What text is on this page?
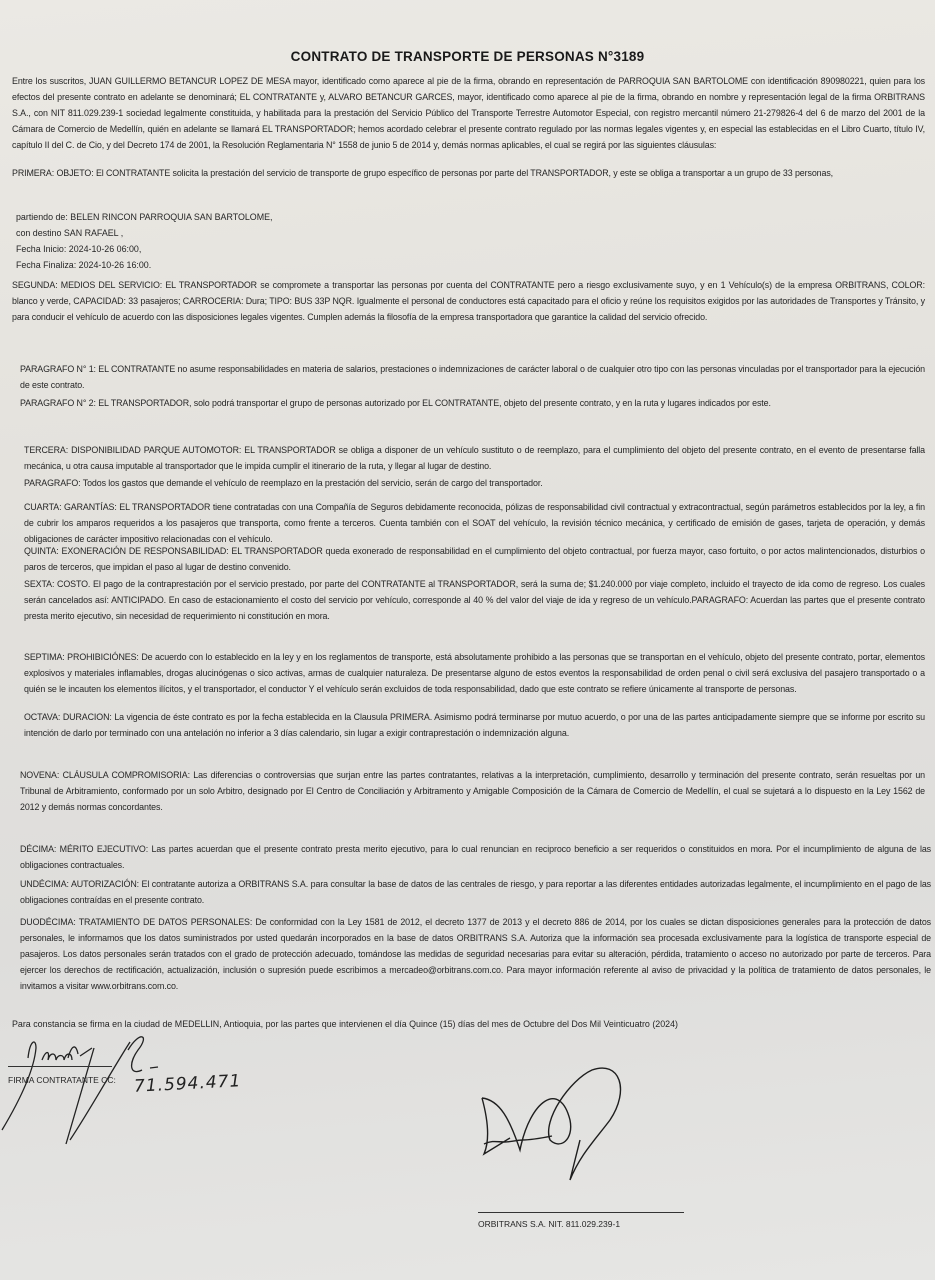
CONTRATO DE TRANSPORTE DE PERSONAS N°3189
Entre los suscritos, JUAN GUILLERMO BETANCUR LOPEZ DE MESA mayor, identificado como aparece al pie de la firma, obrando en representación de PARROQUIA SAN BARTOLOME con identificación 890980221, quien para los efectos del presente contrato en adelante se denominará; EL CONTRATANTE y, ALVARO BETANCUR GARCES, mayor, identificado como aparece al pie de la firma, obrando en nombre y representación legal de la firma ORBITRANS S.A., con NIT 811.029.239-1 sociedad legalmente constituida, y habilitada para la prestación del Servicio Público del Transporte Terrestre Automotor Especial, con registro mercantil número 21-279826-4 del 6 de marzo del 2001 de la Cámara de Comercio de Medellín, quién en adelante se llamará EL TRANSPORTADOR; hemos acordado celebrar el presente contrato regulado por las normas legales vigentes y, en especial las establecidas en el Libro Cuarto, título IV, capítulo II del C. de Cio, y del Decreto 174 de 2001, la Resolución Reglamentaria N° 1558 de junio 5 de 2014 y, demás normas aplicables, el cual se regirá por las siguientes cláusulas:
PRIMERA: OBJETO: El CONTRATANTE solicita la prestación del servicio de transporte de grupo específico de personas por parte del TRANSPORTADOR, y este se obliga a transportar a un grupo de 33 personas,
partiendo de: BELEN RINCON PARROQUIA SAN BARTOLOME,
con destino SAN RAFAEL ,
Fecha Inicio: 2024-10-26 06:00,
Fecha Finaliza: 2024-10-26 16:00.
SEGUNDA: MEDIOS DEL SERVICIO: EL TRANSPORTADOR se compromete a transportar las personas por cuenta del CONTRATANTE pero a riesgo exclusivamente suyo, y en 1 Vehículo(s) de la empresa ORBITRANS, COLOR: blanco y verde, CAPACIDAD: 33 pasajeros; CARROCERIA: Dura; TIPO: BUS 33P NQR. Igualmente el personal de conductores está capacitado para el oficio y reúne los requisitos exigidos por las autoridades de Transportes y Tránsito, y para conducir el vehículo de acuerdo con las disposiciones legales vigentes. Cumplen además la filosofía de la empresa transportadora que garantice la calidad del servicio ofrecido.
PARAGRAFO N° 1: EL CONTRATANTE no asume responsabilidades en materia de salarios, prestaciones o indemnizaciones de carácter laboral o de cualquier otro tipo con las personas vinculadas por el transportador para la ejecución de este contrato.
PARAGRAFO N° 2: EL TRANSPORTADOR, solo podrá transportar el grupo de personas autorizado por EL CONTRATANTE, objeto del presente contrato, y en la ruta y lugares indicados por este.
TERCERA: DISPONIBILIDAD PARQUE AUTOMOTOR: EL TRANSPORTADOR se obliga a disponer de un vehículo sustituto o de reemplazo, para el cumplimiento del objeto del presente contrato, en el evento de presentarse falla mecánica, u otra causa imputable al transportador que le impida cumplir el itinerario de la ruta, y llegar al lugar de destino.
PARAGRAFO: Todos los gastos que demande el vehículo de reemplazo en la prestación del servicio, serán de cargo del transportador.
CUARTA: GARANTÍAS: EL TRANSPORTADOR tiene contratadas con una Compañía de Seguros debidamente reconocida, pólizas de responsabilidad civil contractual y extracontractual, según parámetros establecidos por la ley, a fin de cubrir los amparos requeridos a los pasajeros que transporta, como frente a terceros. Cuenta también con el SOAT del vehículo, la revisión técnico mecánica, y certificado de emisión de gases, tarjeta de operación, y demás obligaciones de carácter impositivo relacionadas con el vehículo.
QUINTA: EXONERACIÓN DE RESPONSABILIDAD: EL TRANSPORTADOR queda exonerado de responsabilidad en el cumplimiento del objeto contractual, por fuerza mayor, caso fortuito, o por actos malintencionados, disturbios o paros de terceros, que impidan el paso al lugar de destino convenido.
SEXTA: COSTO. El pago de la contraprestación por el servicio prestado, por parte del CONTRATANTE al TRANSPORTADOR, será la suma de; $1.240.000 por viaje completo, incluido el trayecto de ida como de regreso. Los cuales serán cancelados así: ANTICIPADO. En caso de estacionamiento el costo del servicio por vehículo, corresponde al 40 % del valor del viaje de ida y regreso de un vehículo.PARAGRAFO: Acuerdan las partes que el presente contrato presta merito ejecutivo, sin necesidad de requerimiento ni constitución en mora.
SEPTIMA: PROHIBICIÓNES: De acuerdo con lo establecido en la ley y en los reglamentos de transporte, está absolutamente prohibido a las personas que se transportan en el vehículo, objeto del presente contrato, portar, elementos explosivos y materiales inflamables, drogas alucinógenas o sico activas, armas de cualquier naturaleza. De presentarse alguno de estos eventos la responsabilidad de orden penal o civil será exclusiva del pasajero transportado o a quién se le incauten los elementos ilícitos, y el transportador, el conductor Y el vehículo serán excluidos de toda responsabilidad, dado que este contrato se refiere únicamente al transporte de personas.
OCTAVA: DURACION: La vigencia de éste contrato es por la fecha establecida en la Clausula PRIMERA. Asimismo podrá terminarse por mutuo acuerdo, o por una de las partes anticipadamente siempre que se informe por escrito su intención de darlo por terminado con una antelación no inferior a 3 días calendario, sin lugar a exigir contraprestación o indemnización alguna.
NOVENA: CLÁUSULA COMPROMISORIA: Las diferencias o controversias que surjan entre las partes contratantes, relativas a la interpretación, cumplimiento, desarrollo y terminación del presente contrato, serán resueltas por un Tribunal de Arbitramiento, conformado por un solo Arbitro, designado por El Centro de Conciliación y Arbitramento y Amigable Composición de la Cámara de Comercio de Medellín, el cual se sujetará a lo dispuesto en la Ley 1562 de 2012 y demás normas concordantes.
DÉCIMA: MÉRITO EJECUTIVO: Las partes acuerdan que el presente contrato presta merito ejecutivo, para lo cual renuncian en reciproco beneficio a ser requeridos o constituidos en mora. Por el incumplimiento de alguna de las obligaciones contractuales.
UNDÉCIMA: AUTORIZACIÓN: El contratante autoriza a ORBITRANS S.A. para consultar la base de datos de las centrales de riesgo, y para reportar a las diferentes entidades autorizadas legalmente, el incumplimiento en el pago de las obligaciones contraídas en el presente contrato.
DUODÉCIMA: TRATAMIENTO DE DATOS PERSONALES: De conformidad con la Ley 1581 de 2012, el decreto 1377 de 2013 y el decreto 886 de 2014, por los cuales se dictan disposiciones generales para la protección de datos personales, le informamos que los datos suministrados por usted quedarán incorporados en la base de datos ORBITRANS S.A. Autoriza que la información sea procesada exclusivamente para la logística de transporte especial de pasajeros. Los datos personales serán tratados con el grado de protección adecuado, tomándose las medidas de seguridad necesarias para evitar su alteración, pérdida, tratamiento o acceso no autorizado por parte de terceros. Para ejercer los derechos de rectificación, actualización, inclusión o supresión puede escribimos a mercadeo@orbitrans.com.co. Para mayor información referente al aviso de privacidad y la política de tratamiento de datos personales, le invitamos a visitar www.orbitrans.com.co.
Para constancia se firma en la ciudad de MEDELLIN, Antioquia, por las partes que intervienen el día Quince (15) días del mes de Octubre del Dos Mil Veinticuatro (2024)
FIRMA CONTRATANTE CC: 71.594.471
ORBITRANS S.A. NIT. 811.029.239-1
